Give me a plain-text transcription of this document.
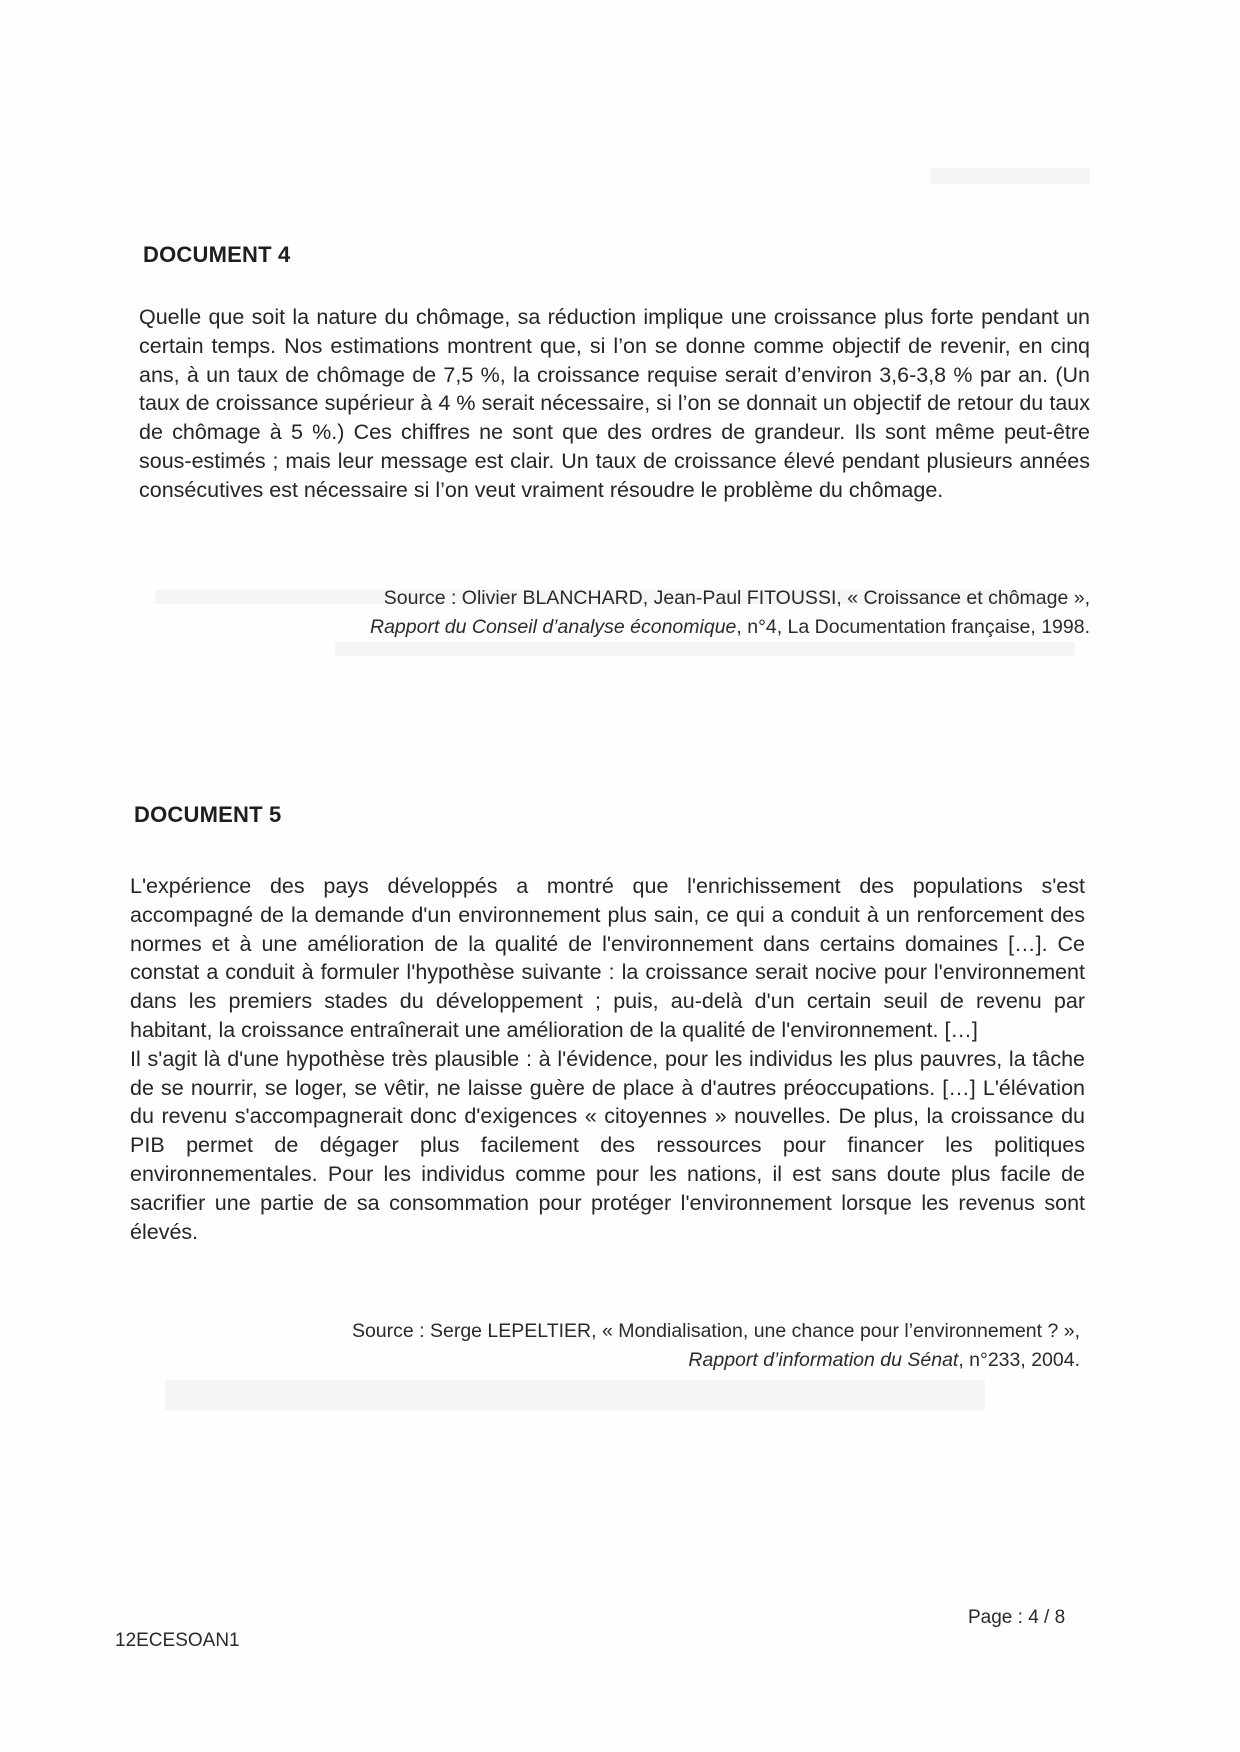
DOCUMENT 4
Quelle que soit la nature du chômage, sa réduction implique une croissance plus forte pendant un certain temps. Nos estimations montrent que, si l’on se donne comme objectif de revenir, en cinq ans, à un taux de chômage de 7,5 %, la croissance requise serait d’environ 3,6-3,8 % par an. (Un taux de croissance supérieur à 4 % serait nécessaire, si l’on se donnait un objectif de retour du taux de chômage à 5 %.) Ces chiffres ne sont que des ordres de grandeur. Ils sont même peut-être sous-estimés ; mais leur message est clair. Un taux de croissance élevé pendant plusieurs années consécutives est nécessaire si l’on veut vraiment résoudre le problème du chômage.
Source : Olivier BLANCHARD, Jean-Paul FITOUSSI, « Croissance et chômage »,
Rapport du Conseil d’analyse économique, n°4, La Documentation française, 1998.
DOCUMENT 5
L'expérience des pays développés a montré que l'enrichissement des populations s'est accompagné de la demande d'un environnement plus sain, ce qui a conduit à un renforcement des normes et à une amélioration de la qualité de l'environnement dans certains domaines […]. Ce constat a conduit à formuler l'hypothèse suivante : la croissance serait nocive pour l'environnement dans les premiers stades du développement ; puis, au-delà d'un certain seuil de revenu par habitant, la croissance entraînerait une amélioration de la qualité de l'environnement. […]
Il s'agit là d'une hypothèse très plausible : à l'évidence, pour les individus les plus pauvres, la tâche de se nourrir, se loger, se vêtir, ne laisse guère de place à d'autres préoccupations. […] L'élévation du revenu s'accompagnerait donc d'exigences « citoyennes » nouvelles. De plus, la croissance du PIB permet de dégager plus facilement des ressources pour financer les politiques environnementales. Pour les individus comme pour les nations, il est sans doute plus facile de sacrifier une partie de sa consommation pour protéger l'environnement lorsque les revenus sont élevés.
Source : Serge LEPELTIER, « Mondialisation, une chance pour l’environnement ? »,
Rapport d’information du Sénat, n°233, 2004.
Page : 4 / 8
12ECESOAN1
